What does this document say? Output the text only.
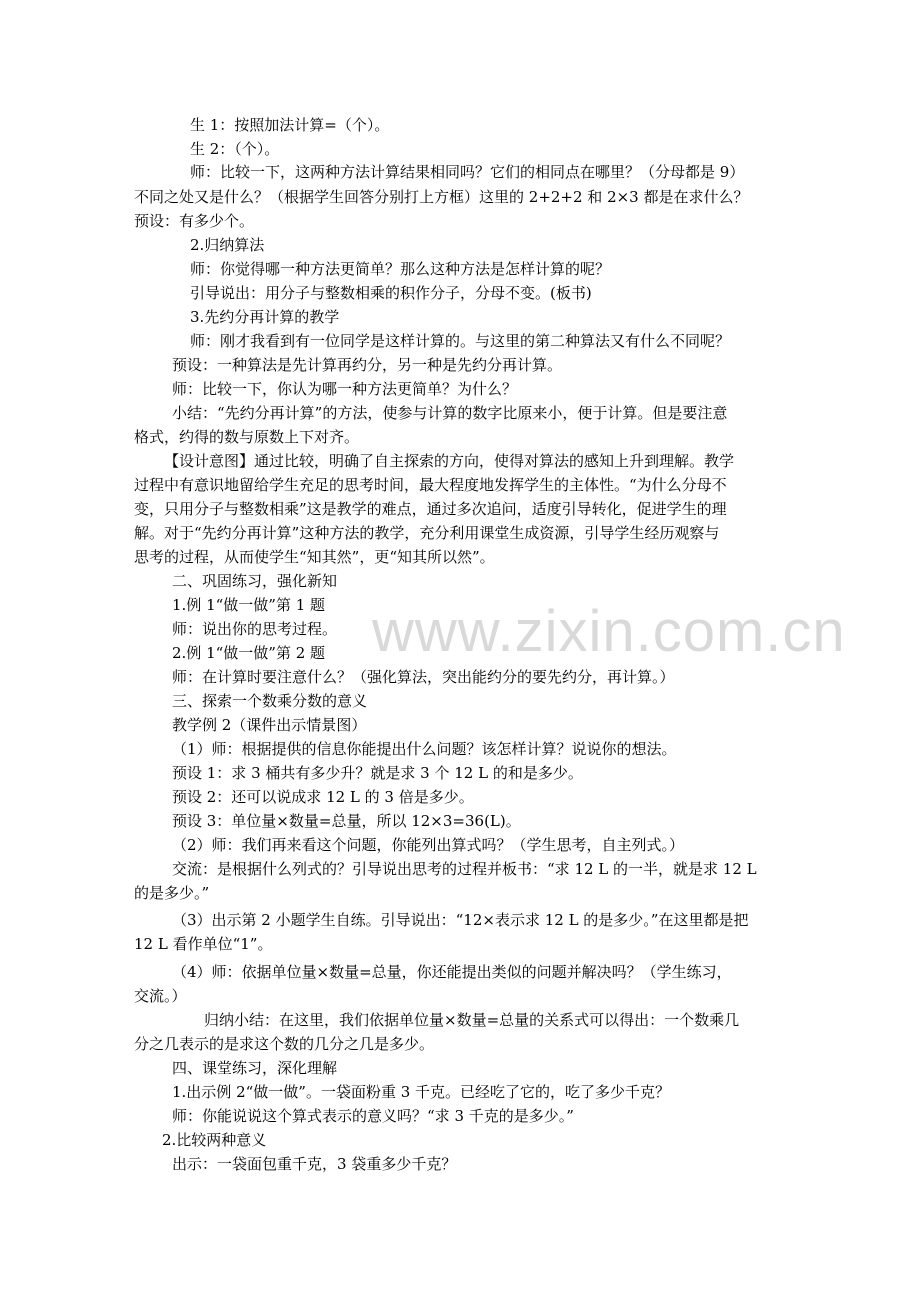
www.zixin.com.cn
生 1：按照加法计算=（个）。
生 2：（个）。
师：比较一下，这两种方法计算结果相同吗？它们的相同点在哪里？（分母都是 9）
不同之处又是什么？（根据学生回答分别打上方框）这里的 2+2+2 和 2×3 都是在求什么？
预设：有多少个。
2.归纳算法
师：你觉得哪一种方法更简单？那么这种方法是怎样计算的呢？
引导说出：用分子与整数相乘的积作分子，分母不变。(板书)
3.先约分再计算的教学
师：刚才我看到有一位同学是这样计算的。与这里的第二种算法又有什么不同呢？
预设：一种算法是先计算再约分，另一种是先约分再计算。
师：比较一下，你认为哪一种方法更简单？为什么？
小结：“先约分再计算”的方法，使参与计算的数字比原来小，便于计算。但是要注意
格式，约得的数与原数上下对齐。
【设计意图】通过比较，明确了自主探索的方向，使得对算法的感知上升到理解。教学
过程中有意识地留给学生充足的思考时间，最大程度地发挥学生的主体性。“为什么分母不
变，只用分子与整数相乘”这是教学的难点，通过多次追问，适度引导转化，促进学生的理
解。对于“先约分再计算”这种方法的教学，充分利用课堂生成资源，引导学生经历观察与
思考的过程，从而使学生“知其然”，更“知其所以然”。
二、巩固练习，强化新知
1.例 1“做一做”第 1 题
师：说出你的思考过程。
2.例 1“做一做”第 2 题
师：在计算时要注意什么？（强化算法，突出能约分的要先约分，再计算。）
三、探索一个数乘分数的意义
教学例 2（课件出示情景图）
（1）师：根据提供的信息你能提出什么问题？该怎样计算？说说你的想法。
预设 1：求 3 桶共有多少升？就是求 3 个 12 L 的和是多少。
预设 2：还可以说成求 12 L 的 3 倍是多少。
预设 3：单位量×数量=总量，所以 12×3=36(L)。
（2）师：我们再来看这个问题，你能列出算式吗？（学生思考，自主列式。）
交流：是根据什么列式的？引导说出思考的过程并板书：“求 12 L 的一半，就是求 12 L
的是多少。”
（3）出示第 2 小题学生自练。引导说出：“12×表示求 12 L 的是多少。”在这里都是把
12 L 看作单位“1”。
（4）师：依据单位量×数量=总量，你还能提出类似的问题并解决吗？（学生练习，
交流。）
归纳小结：在这里，我们依据单位量×数量=总量的关系式可以得出：一个数乘几
分之几表示的是求这个数的几分之几是多少。
四、课堂练习，深化理解
1.出示例 2“做一做”。一袋面粉重 3 千克。已经吃了它的，吃了多少千克？
师：你能说说这个算式表示的意义吗？“求 3 千克的是多少。”
2.比较两种意义
出示：一袋面包重千克，3 袋重多少千克？
